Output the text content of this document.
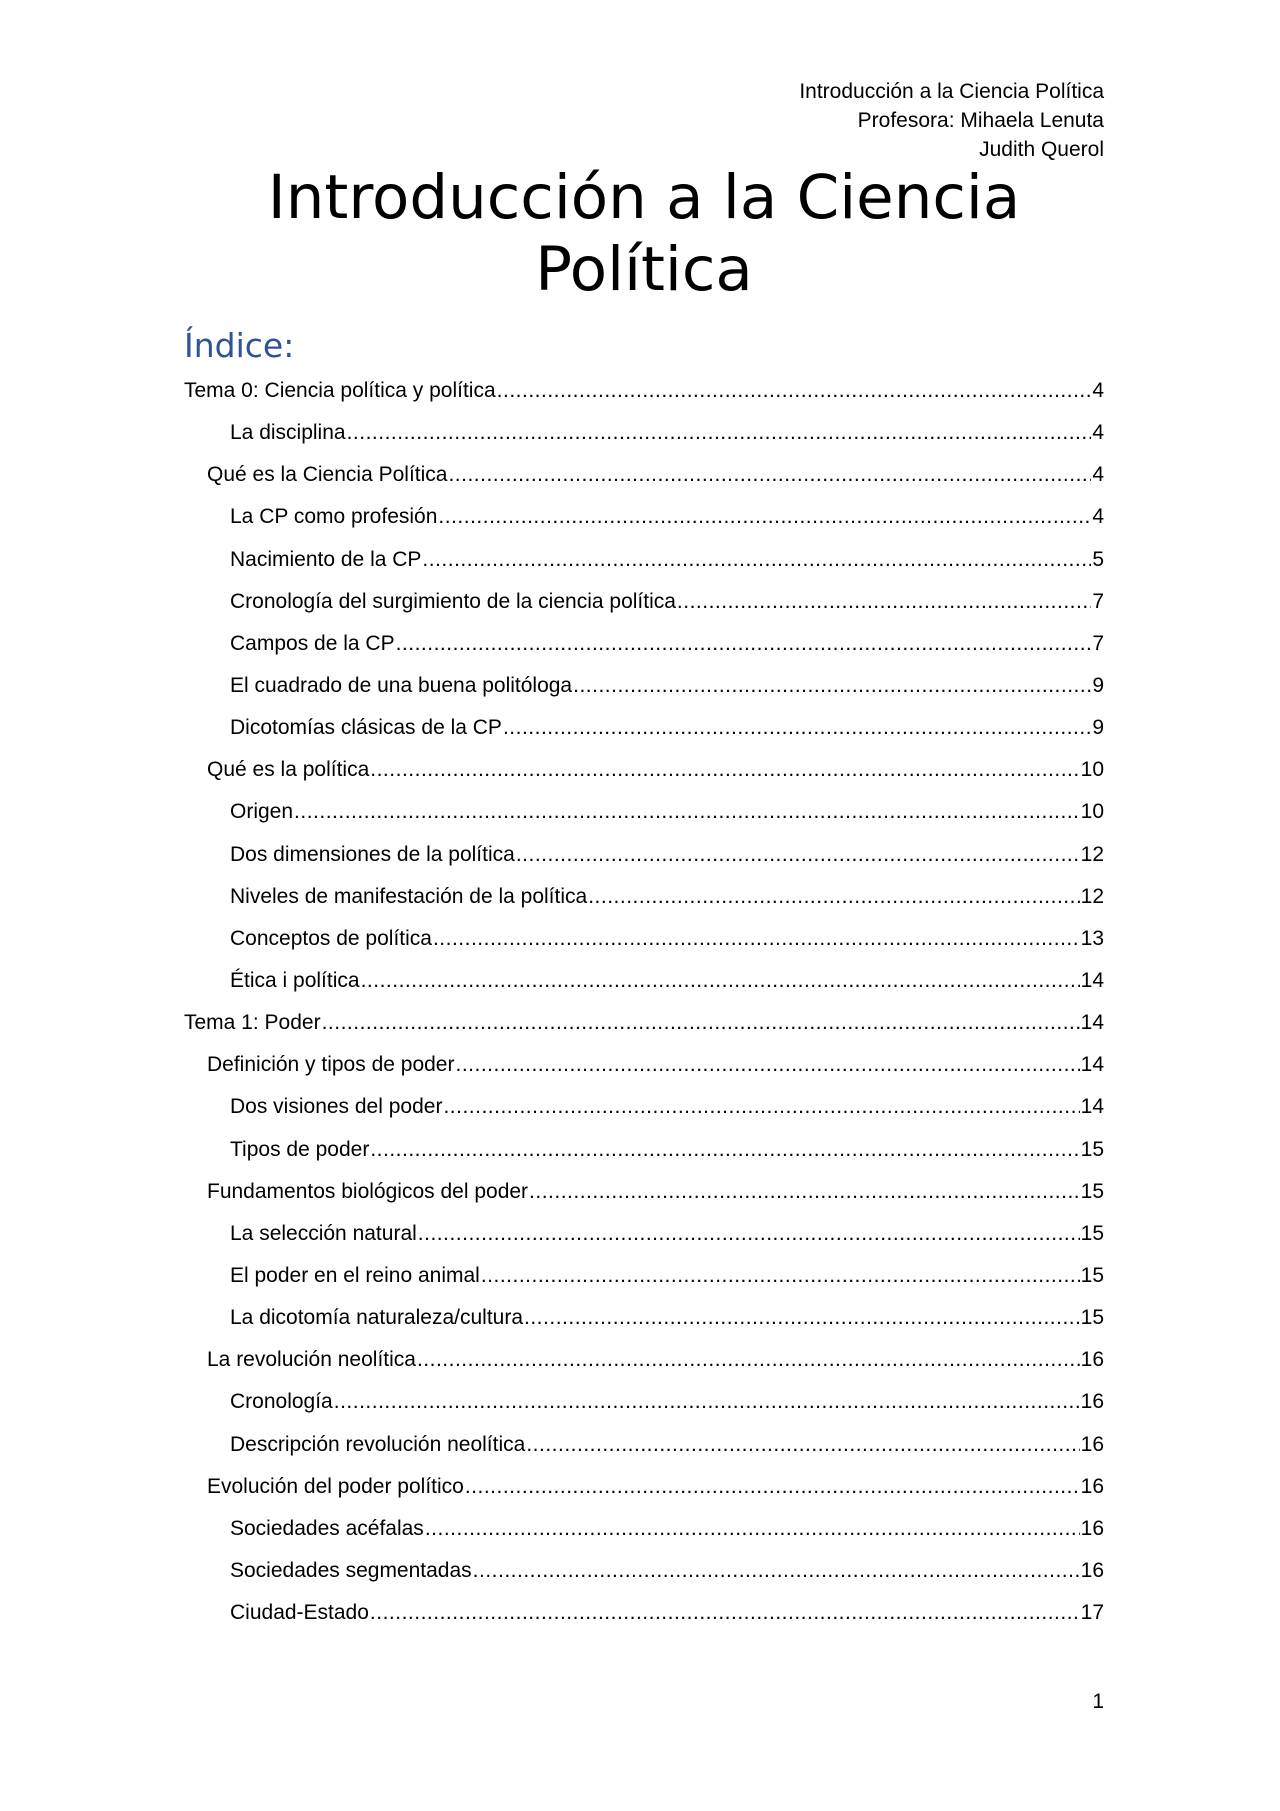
Introducción a la Ciencia Política
Profesora: Mihaela Lenuta
Judith Querol
Introducción a la Ciencia Política
Índice:
Tema 0: Ciencia política y política .....	4
La disciplina .....	4
Qué es la Ciencia Política .....	4
La CP como profesión .....	4
Nacimiento de la CP .....	5
Cronología del surgimiento de la ciencia política .....	7
Campos de la CP .....	7
El cuadrado de una buena politóloga .....	9
Dicotomías clásicas de la CP .....	9
Qué es la política .....	10
Origen .....	10
Dos dimensiones de la política .....	12
Niveles de manifestación de la política .....	12
Conceptos de política .....	13
Ética i política .....	14
Tema 1: Poder .....	14
Definición y tipos de poder .....	14
Dos visiones del poder .....	14
Tipos de poder .....	15
Fundamentos biológicos del poder .....	15
La selección natural .....	15
El poder en el reino animal .....	15
La dicotomía naturaleza/cultura .....	15
La revolución neolítica .....	16
Cronología .....	16
Descripción revolución neolítica .....	16
Evolución del poder político .....	16
Sociedades acéfalas .....	16
Sociedades segmentadas .....	16
Ciudad-Estado .....	17
1
